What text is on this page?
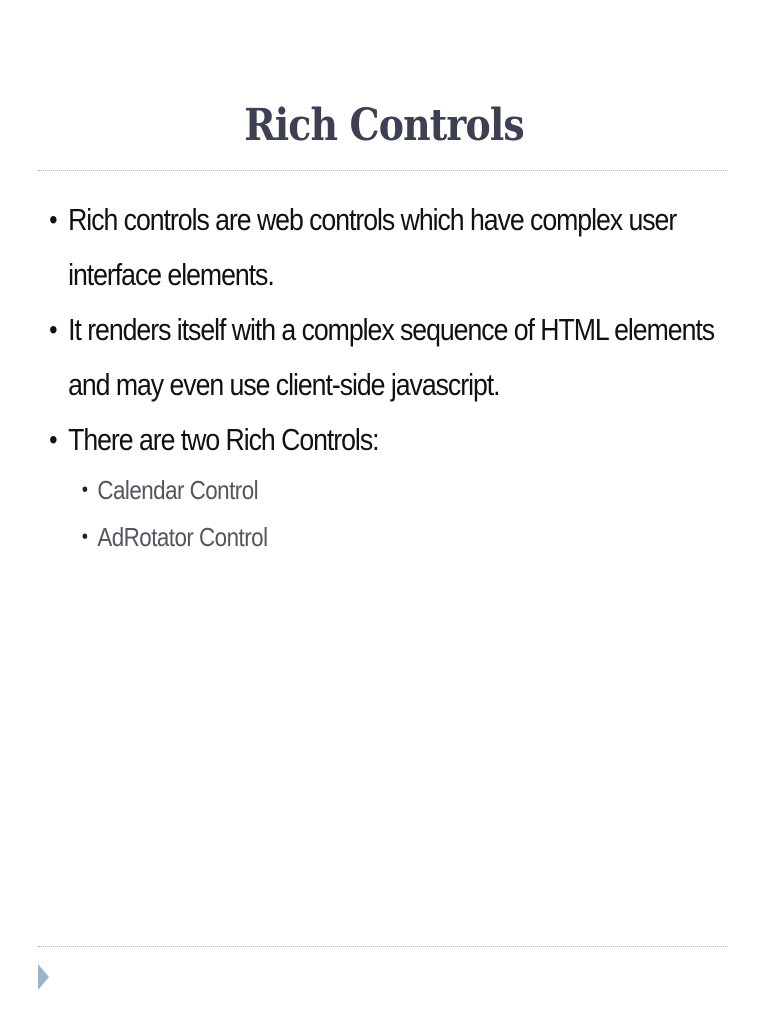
Rich Controls
• Rich controls are web controls which have complex user interface elements.
• It renders itself with a complex sequence of HTML elements and may even use client-side javascript.
• There are two Rich Controls:
• Calendar Control
• AdRotator Control
